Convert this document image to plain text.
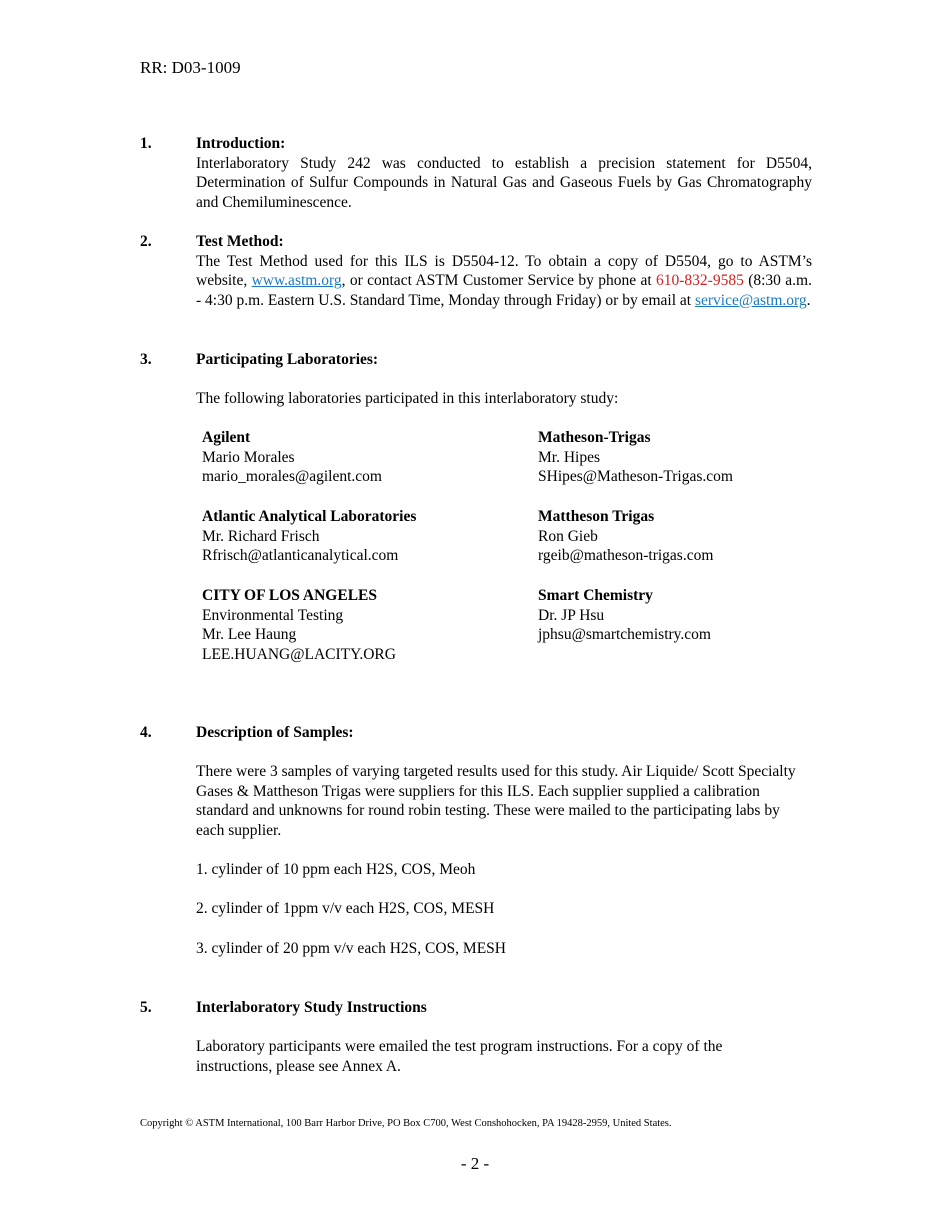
RR: D03-1009
1.	Introduction:
Interlaboratory Study 242 was conducted to establish a precision statement for D5504, Determination of Sulfur Compounds in Natural Gas and Gaseous Fuels by Gas Chromatography and Chemiluminescence.
2.	Test Method:
The Test Method used for this ILS is D5504-12. To obtain a copy of D5504, go to ASTM’s website, www.astm.org, or contact ASTM Customer Service by phone at 610-832-9585 (8:30 a.m. - 4:30 p.m. Eastern U.S. Standard Time, Monday through Friday) or by email at service@astm.org.
3.	Participating Laboratories:
The following laboratories participated in this interlaboratory study:
Agilent
Mario Morales
mario_morales@agilent.com
Atlantic Analytical Laboratories
Mr. Richard Frisch
Rfrisch@atlanticanalytical.com
CITY OF LOS ANGELES
Environmental Testing
Mr. Lee Haung
LEE.HUANG@LACITY.ORG
Matheson-Trigas
Mr. Hipes
SHipes@Matheson-Trigas.com
Mattheson Trigas
Ron Gieb
rgeib@matheson-trigas.com
Smart Chemistry
Dr. JP Hsu
jphsu@smartchemistry.com
4.	Description of Samples:
There were 3 samples of varying targeted results used for this study. Air Liquide/ Scott Specialty Gases & Mattheson Trigas were suppliers for this ILS. Each supplier supplied a calibration standard and unknowns for round robin testing. These were mailed to the participating labs by each supplier.
1. cylinder of 10 ppm each H2S, COS, Meoh
2. cylinder of 1ppm v/v each H2S, COS, MESH
3. cylinder of 20 ppm v/v each H2S, COS, MESH
5.	Interlaboratory Study Instructions
Laboratory participants were emailed the test program instructions. For a copy of the instructions, please see Annex A.
Copyright © ASTM International, 100 Barr Harbor Drive, PO Box C700, West Conshohocken, PA 19428-2959, United States.
- 2 -
